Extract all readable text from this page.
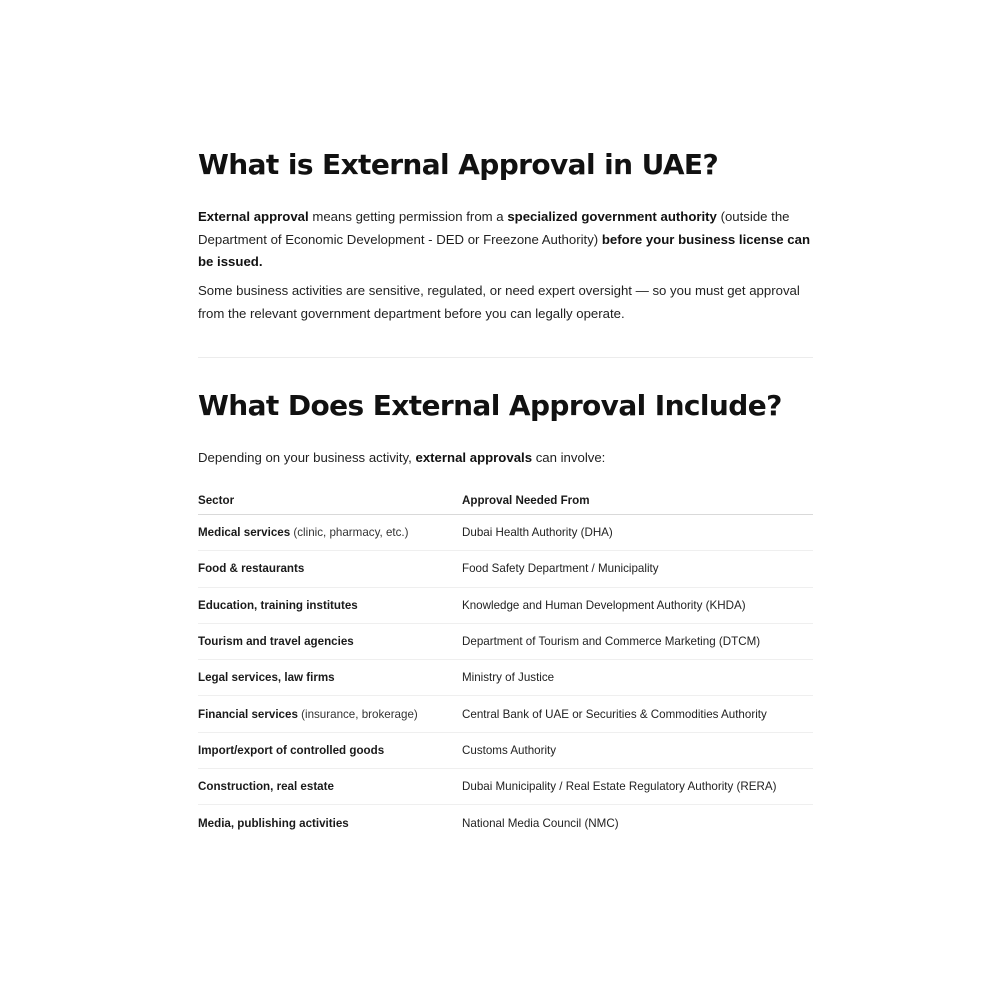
What is External Approval in UAE?

External approval means getting permission from a specialized government authority (outside the Department of Economic Development - DED or Freezone Authority) before your business license can be issued.

Some business activities are sensitive, regulated, or need expert oversight — so you must get approval from the relevant government department before you can legally operate.

What Does External Approval Include?

Depending on your business activity, external approvals can involve:

Sector	Approval Needed From
Medical services (clinic, pharmacy, etc.)	Dubai Health Authority (DHA)
Food & restaurants	Food Safety Department / Municipality
Education, training institutes	Knowledge and Human Development Authority (KHDA)
Tourism and travel agencies	Department of Tourism and Commerce Marketing (DTCM)
Legal services, law firms	Ministry of Justice
Financial services (insurance, brokerage)	Central Bank of UAE or Securities & Commodities Authority
Import/export of controlled goods	Customs Authority
Construction, real estate	Dubai Municipality / Real Estate Regulatory Authority (RERA)
Media, publishing activities	National Media Council (NMC)
